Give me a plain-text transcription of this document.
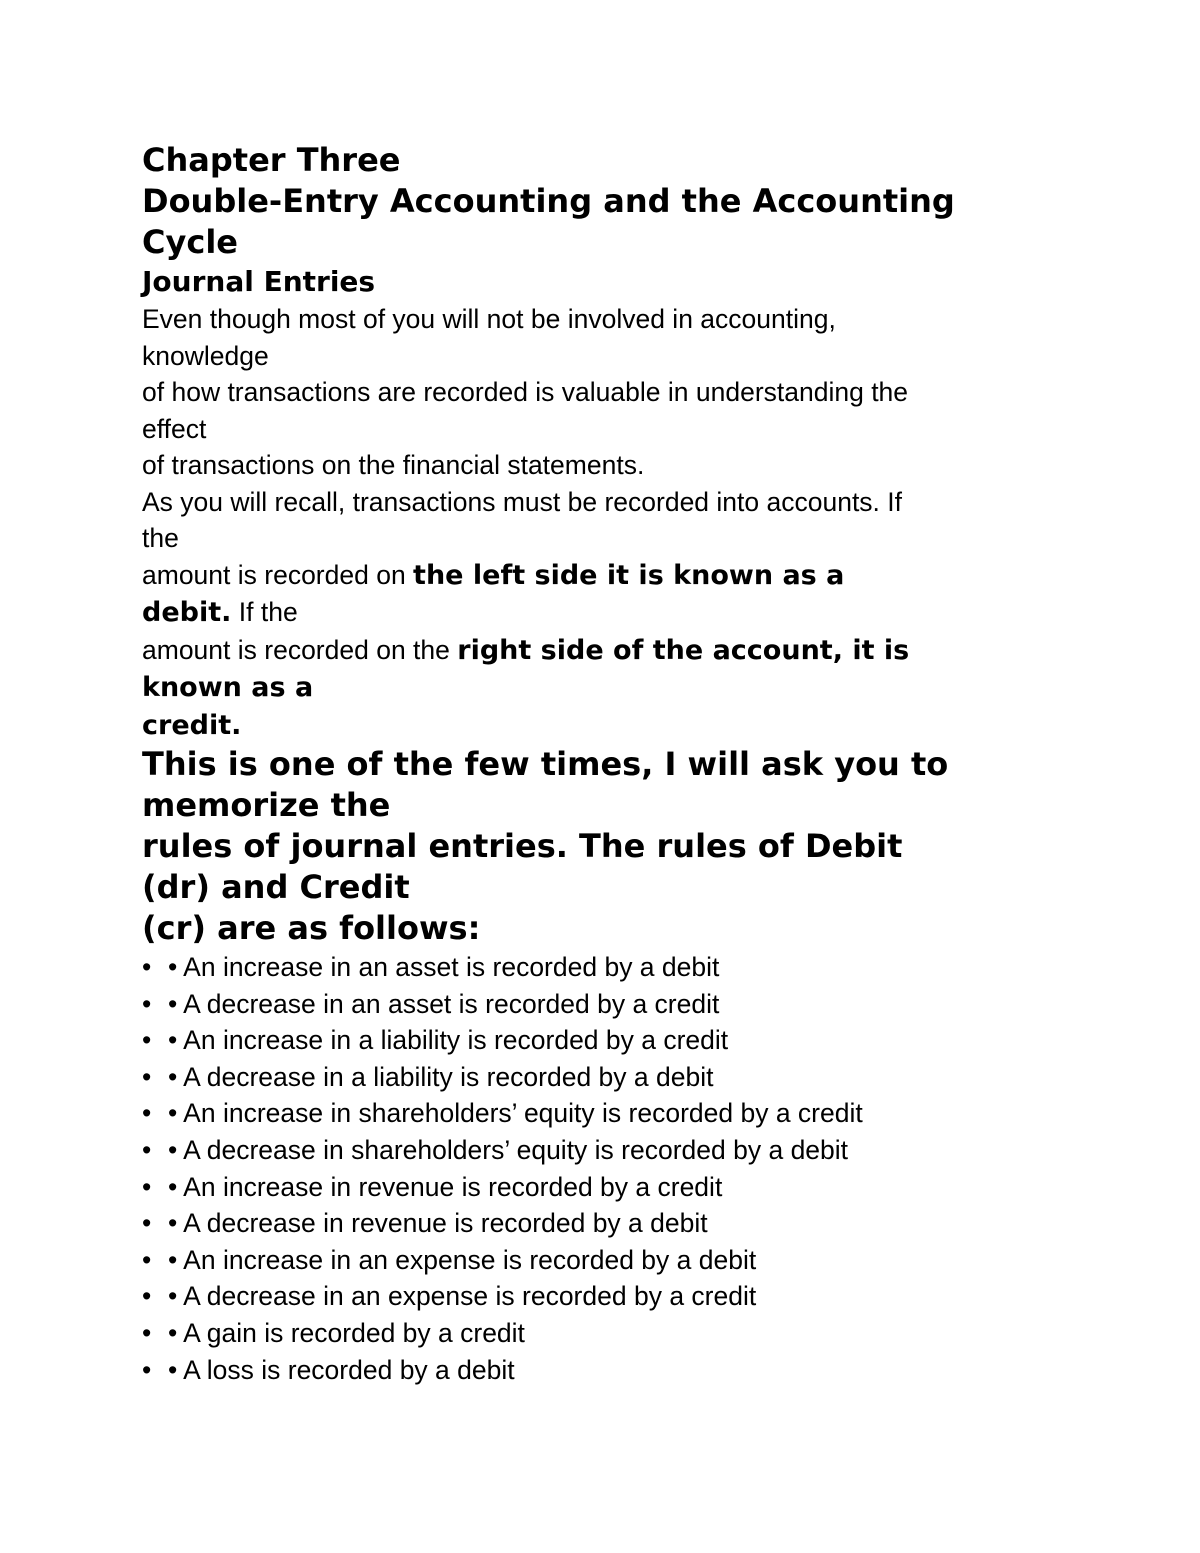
Chapter Three
Double-Entry Accounting and the Accounting
Cycle
Journal Entries
Even though most of you will not be involved in accounting,
knowledge
of how transactions are recorded is valuable in understanding the
effect
of transactions on the financial statements.
As you will recall, transactions must be recorded into accounts. If
the
amount is recorded on the left side it is known as a
debit. If the
amount is recorded on the right side of the account, it is
known as a
credit.
This is one of the few times, I will ask you to
memorize the
rules of journal entries. The rules of Debit
(dr) and Credit
(cr) are as follows:
•• An increase in an asset is recorded by a debit
•• A decrease in an asset is recorded by a credit
•• An increase in a liability is recorded by a credit
•• A decrease in a liability is recorded by a debit
•• An increase in shareholders’ equity is recorded by a credit
•• A decrease in shareholders’ equity is recorded by a debit
•• An increase in revenue is recorded by a credit
•• A decrease in revenue is recorded by a debit
•• An increase in an expense is recorded by a debit
•• A decrease in an expense is recorded by a credit
•• A gain is recorded by a credit
•• A loss is recorded by a debit
